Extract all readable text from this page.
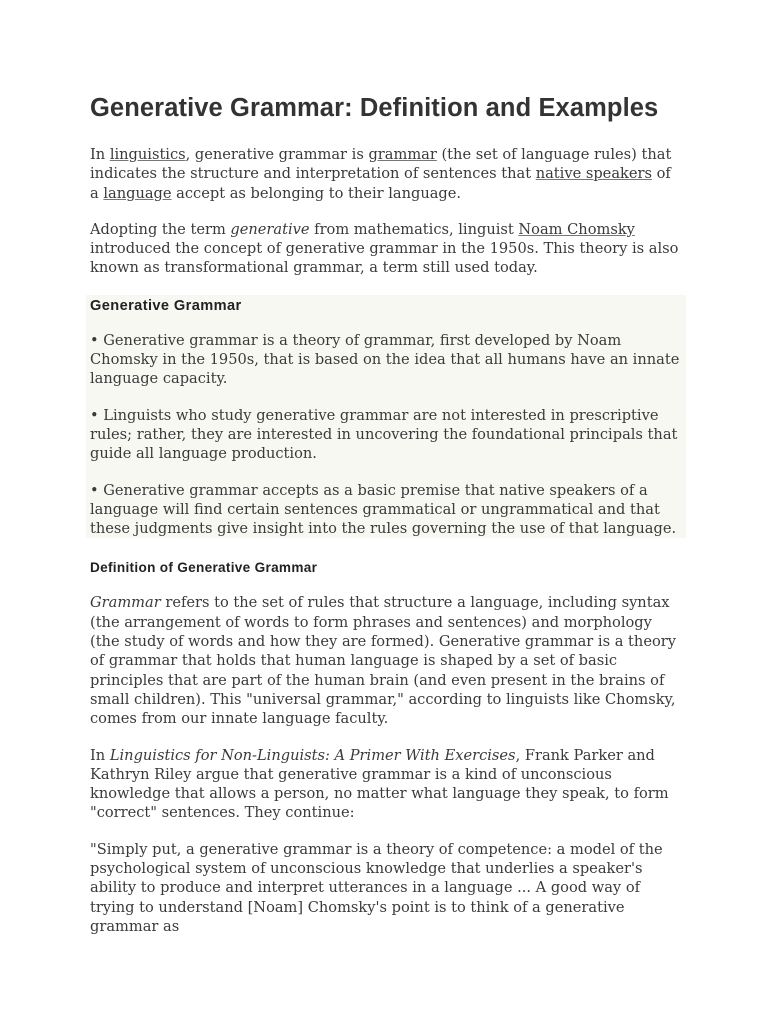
Generative Grammar: Definition and Examples

In linguistics, generative grammar is grammar (the set of language rules) that indicates the structure and interpretation of sentences that native speakers of a language accept as belonging to their language.

Adopting the term generative from mathematics, linguist Noam Chomsky introduced the concept of generative grammar in the 1950s. This theory is also known as transformational grammar, a term still used today.

Generative Grammar

• Generative grammar is a theory of grammar, first developed by Noam Chomsky in the 1950s, that is based on the idea that all humans have an innate language capacity.

• Linguists who study generative grammar are not interested in prescriptive rules; rather, they are interested in uncovering the foundational principals that guide all language production.

• Generative grammar accepts as a basic premise that native speakers of a language will find certain sentences grammatical or ungrammatical and that these judgments give insight into the rules governing the use of that language.

Definition of Generative Grammar

Grammar refers to the set of rules that structure a language, including syntax (the arrangement of words to form phrases and sentences) and morphology (the study of words and how they are formed). Generative grammar is a theory of grammar that holds that human language is shaped by a set of basic principles that are part of the human brain (and even present in the brains of small children). This "universal grammar," according to linguists like Chomsky, comes from our innate language faculty.

In Linguistics for Non-Linguists: A Primer With Exercises, Frank Parker and Kathryn Riley argue that generative grammar is a kind of unconscious knowledge that allows a person, no matter what language they speak, to form "correct" sentences. They continue:

"Simply put, a generative grammar is a theory of competence: a model of the psychological system of unconscious knowledge that underlies a speaker's ability to produce and interpret utterances in a language ... A good way of trying to understand [Noam] Chomsky's point is to think of a generative grammar as
